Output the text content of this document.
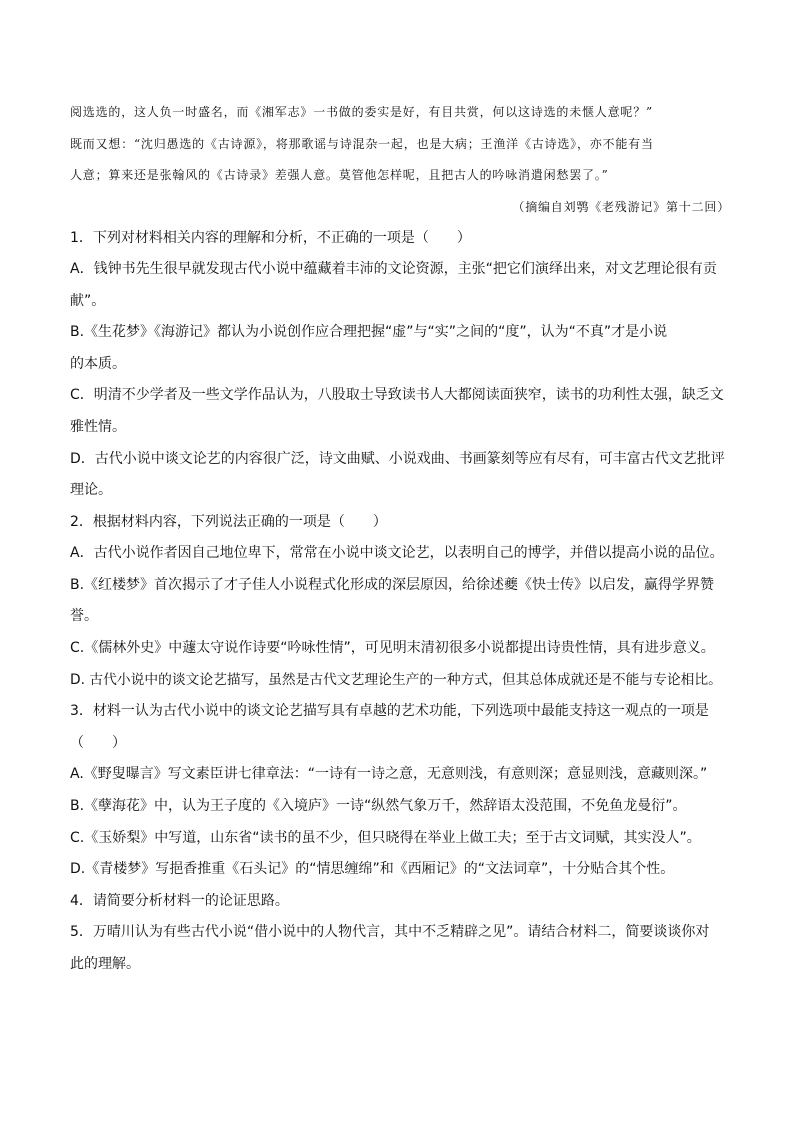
阅选选的，这人负一时盛名，而《湘军志》一书做的委实是好，有目共赏，何以这诗选的未惬人意呢？”
既而又想：“沈归愚选的《古诗源》，将那歌谣与诗混杂一起，也是大病；王渔洋《古诗选》，亦不能有当
人意；算来还是张翰风的《古诗录》差强人意。莫管他怎样呢，且把古人的吟咏消遣闲愁罢了。”
（摘编自刘鹗《老残游记》第十二回）
1．下列对材料相关内容的理解和分析，不正确的一项是（　　）
A．钱钟书先生很早就发现古代小说中蕴藏着丰沛的文论资源，主张“把它们演绎出来，对文艺理论很有贡
献”。
B.《生花梦》《海游记》都认为小说创作应合理把握“虚”与“实”之间的“度”，认为“不真”才是小说
的本质。
C．明清不少学者及一些文学作品认为，八股取士导致读书人大都阅读面狭窄，读书的功利性太强，缺乏文
雅性情。
D．古代小说中谈文论艺的内容很广泛，诗文曲赋、小说戏曲、书画篆刻等应有尽有，可丰富古代文艺批评
理论。
2．根据材料内容，下列说法正确的一项是（　　）
A．古代小说作者因自己地位卑下，常常在小说中谈文论艺，以表明自己的博学，并借以提高小说的品位。
B.《红楼梦》首次揭示了才子佳人小说程式化形成的深层原因，给徐述夔《快士传》以启发，赢得学界赞
誉。
C.《儒林外史》中蘧太守说作诗要“吟咏性情”，可见明末清初很多小说都提出诗贵性情，具有进步意义。
D. 古代小说中的谈文论艺描写，虽然是古代文艺理论生产的一种方式，但其总体成就还是不能与专论相比。
3．材料一认为古代小说中的谈文论艺描写具有卓越的艺术功能，下列选项中最能支持这一观点的一项是
（　　）
A.《野叟曝言》写文素臣讲七律章法：“一诗有一诗之意，无意则浅，有意则深；意显则浅，意藏则深。”
B.《孽海花》中，认为王子度的《入境庐》一诗“纵然气象万千，然辞语太没范围，不免鱼龙曼衍”。
C.《玉娇梨》中写道，山东省“读书的虽不少，但只晓得在举业上做工夫；至于古文词赋，其实没人”。
D.《青楼梦》写挹香推重《石头记》的“情思缠绵”和《西厢记》的“文法词章”，十分贴合其个性。
4．请简要分析材料一的论证思路。
5．万晴川认为有些古代小说“借小说中的人物代言，其中不乏精辟之见”。请结合材料二，简要谈谈你对
此的理解。
